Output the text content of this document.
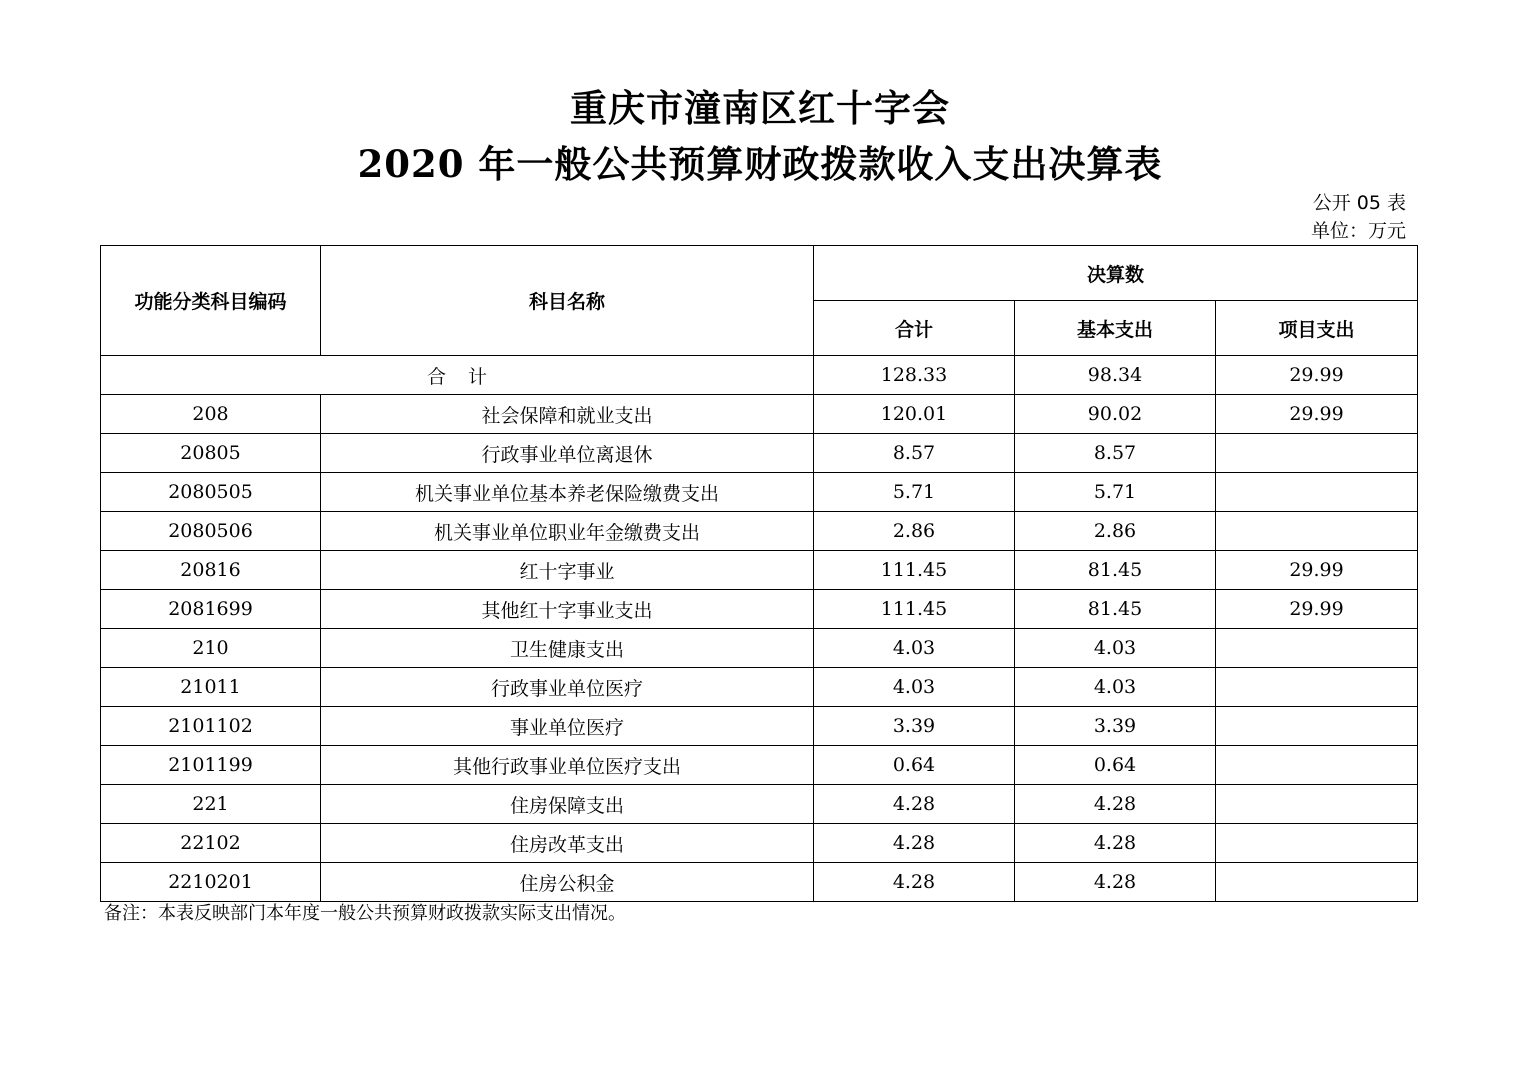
重庆市潼南区红十字会
2020 年一般公共预算财政拨款收入支出决算表
公开 05 表
单位：万元
功能分类科目编码	科目名称	决算数		
		合计	基本支出	项目支出
合计		128.33	98.34	29.99
208	社会保障和就业支出	120.01	90.02	29.99
20805	行政事业单位离退休	8.57	8.57	
2080505	机关事业单位基本养老保险缴费支出	5.71	5.71	
2080506	机关事业单位职业年金缴费支出	2.86	2.86	
20816	红十字事业	111.45	81.45	29.99
2081699	其他红十字事业支出	111.45	81.45	29.99
210	卫生健康支出	4.03	4.03	
21011	行政事业单位医疗	4.03	4.03	
2101102	事业单位医疗	3.39	3.39	
2101199	其他行政事业单位医疗支出	0.64	0.64	
221	住房保障支出	4.28	4.28	
22102	住房改革支出	4.28	4.28	
2210201	住房公积金	4.28	4.28	
备注：本表反映部门本年度一般公共预算财政拨款实际支出情况。
